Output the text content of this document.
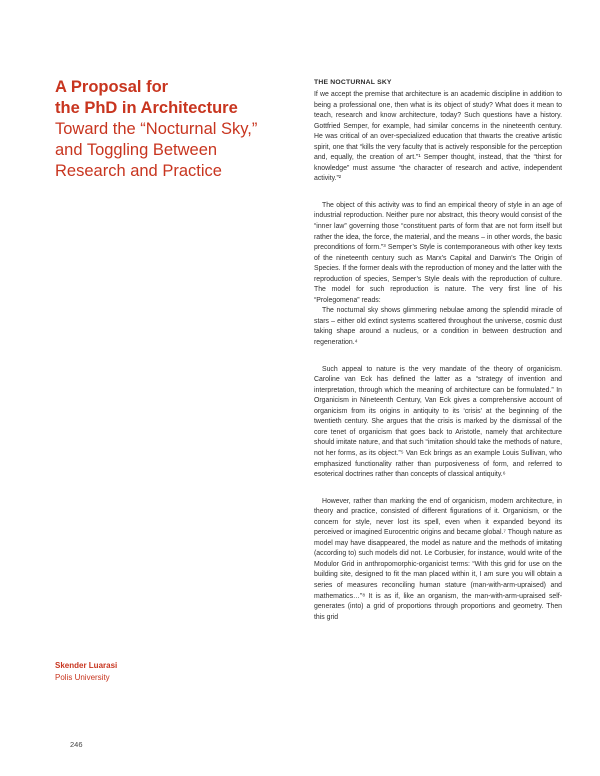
A Proposal for
the PhD in Architecture
Toward the “Nocturnal Sky,”
and Toggling Between
Research and Practice
THE NOCTURNAL SKY

If we accept the premise that architecture is an academic discipline in addition to being a professional one, then what is its object of study? What does it mean to teach, research and know architecture, today? Such questions have a history. Gottfried Semper, for example, had similar concerns in the nineteenth century. He was critical of an over-specialized education that thwarts the creative artistic spirit, one that “kills the very faculty that is actively responsible for the perception and, equally, the creation of art.”¹ Semper thought, instead, that the “thirst for knowledge” must assume “the character of research and active, independent activity.”²

The object of this activity was to find an empirical theory of style in an age of industrial reproduction. Neither pure nor abstract, this theory would consist of the “inner law” governing those “constituent parts of form that are not form itself but rather the idea, the force, the material, and the means – in other words, the basic preconditions of form.”³ Semper’s Style is contemporaneous with other key texts of the nineteenth century such as Marx’s Capital and Darwin’s The Origin of Species. If the former deals with the reproduction of money and the latter with the reproduction of species, Semper’s Style deals with the reproduction of culture. The model for such reproduction is nature. The very first line of his “Prolegomena” reads:

The nocturnal sky shows glimmering nebulae among the splendid miracle of stars – either old extinct systems scattered throughout the universe, cosmic dust taking shape around a nucleus, or a condition in between destruction and regeneration.⁴

Such appeal to nature is the very mandate of the theory of organicism. Caroline van Eck has defined the latter as a “strategy of invention and interpretation, through which the meaning of architecture can be formulated.” In Organicism in Nineteenth Century, Van Eck gives a comprehensive account of organicism from its origins in antiquity to its ‘crisis’ at the beginning of the twentieth century. She argues that the crisis is marked by the dismissal of the core tenet of organicism that goes back to Aristotle, namely that architecture should imitate nature, and that such “imitation should take the methods of nature, not her forms, as its object.”⁵ Van Eck brings as an example Louis Sullivan, who emphasized functionality rather than purposiveness of form, and referred to esoterical doctrines rather than concepts of classical antiquity.⁶

However, rather than marking the end of organicism, modern architecture, in theory and practice, consisted of different figurations of it. Organicism, or the concern for style, never lost its spell, even when it expanded beyond its perceived or imagined Eurocentric origins and became global.⁷ Though nature as model may have disappeared, the model as nature and the methods of imitating (according to) such models did not. Le Corbusier, for instance, would write of the Modulor Grid in anthropomorphic-organicist terms: “With this grid for use on the building site, designed to fit the man placed within it, I am sure you will obtain a series of measures reconciling human stature (man-with-arm-upraised) and mathematics…”⁸ It is as if, like an organism, the man-with-arm-upraised self-generates (into) a grid of proportions through proportions and geometry. Then this grid

Skender Luarasi
Polis University
246
